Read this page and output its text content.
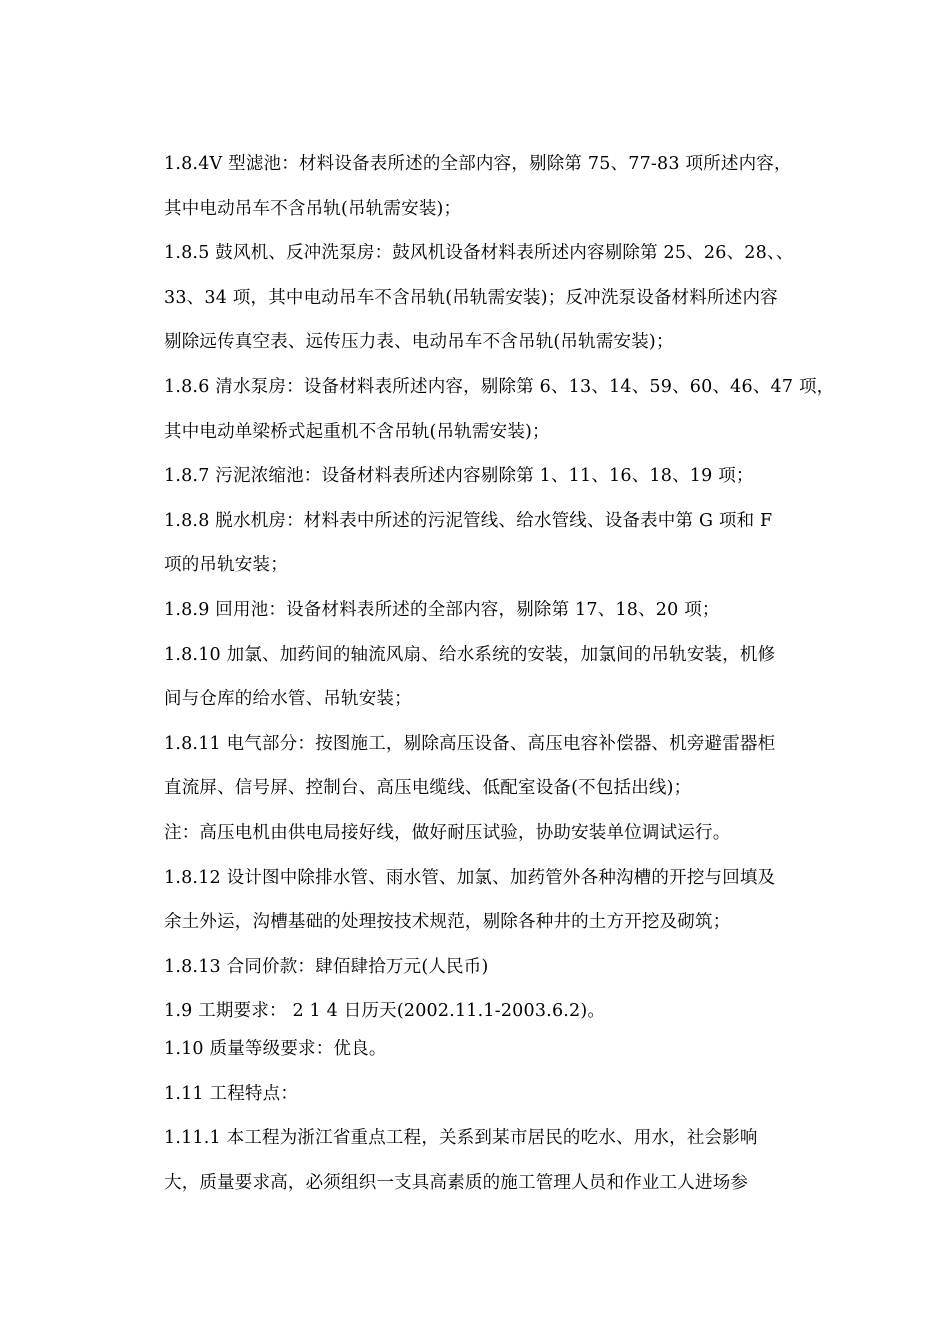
1.8.4V 型滤池：材料设备表所述的全部内容，剔除第 75、77-83 项所述内容，
其中电动吊车不含吊轨(吊轨需安装)；
1.8.5 鼓风机、反冲洗泵房：鼓风机设备材料表所述内容剔除第 25、26、28、、
33、34 项，其中电动吊车不含吊轨(吊轨需安装)；反冲洗泵设备材料所述内容
剔除远传真空表、远传压力表、电动吊车不含吊轨(吊轨需安装)；
1.8.6 清水泵房：设备材料表所述内容，剔除第 6、13、14、59、60、46、47 项，
其中电动单梁桥式起重机不含吊轨(吊轨需安装)；
1.8.7 污泥浓缩池：设备材料表所述内容剔除第 1、11、16、18、19 项；
1.8.8 脱水机房：材料表中所述的污泥管线、给水管线、设备表中第 G 项和 F
项的吊轨安装；
1.8.9 回用池：设备材料表所述的全部内容，剔除第 17、18、20 项；
1.8.10 加氯、加药间的轴流风扇、给水系统的安装，加氯间的吊轨安装，机修
间与仓库的给水管、吊轨安装；
1.8.11 电气部分：按图施工，剔除高压设备、高压电容补偿器、机旁避雷器柜
直流屏、信号屏、控制台、高压电缆线、低配室设备(不包括出线)；
注：高压电机由供电局接好线，做好耐压试验，协助安装单位调试运行。
1.8.12 设计图中除排水管、雨水管、加氯、加药管外各种沟槽的开挖与回填及
余土外运，沟槽基础的处理按技术规范，剔除各种井的土方开挖及砌筑；
1.8.13 合同价款：肆佰肆拾万元(人民币)
1.9 工期要求： 2 1 4 日历天(2002.11.1-2003.6.2)。
1.10 质量等级要求：优良。
1.11 工程特点：
1.11.1 本工程为浙江省重点工程，关系到某市居民的吃水、用水，社会影响
大，质量要求高，必须组织一支具高素质的施工管理人员和作业工人进场参
